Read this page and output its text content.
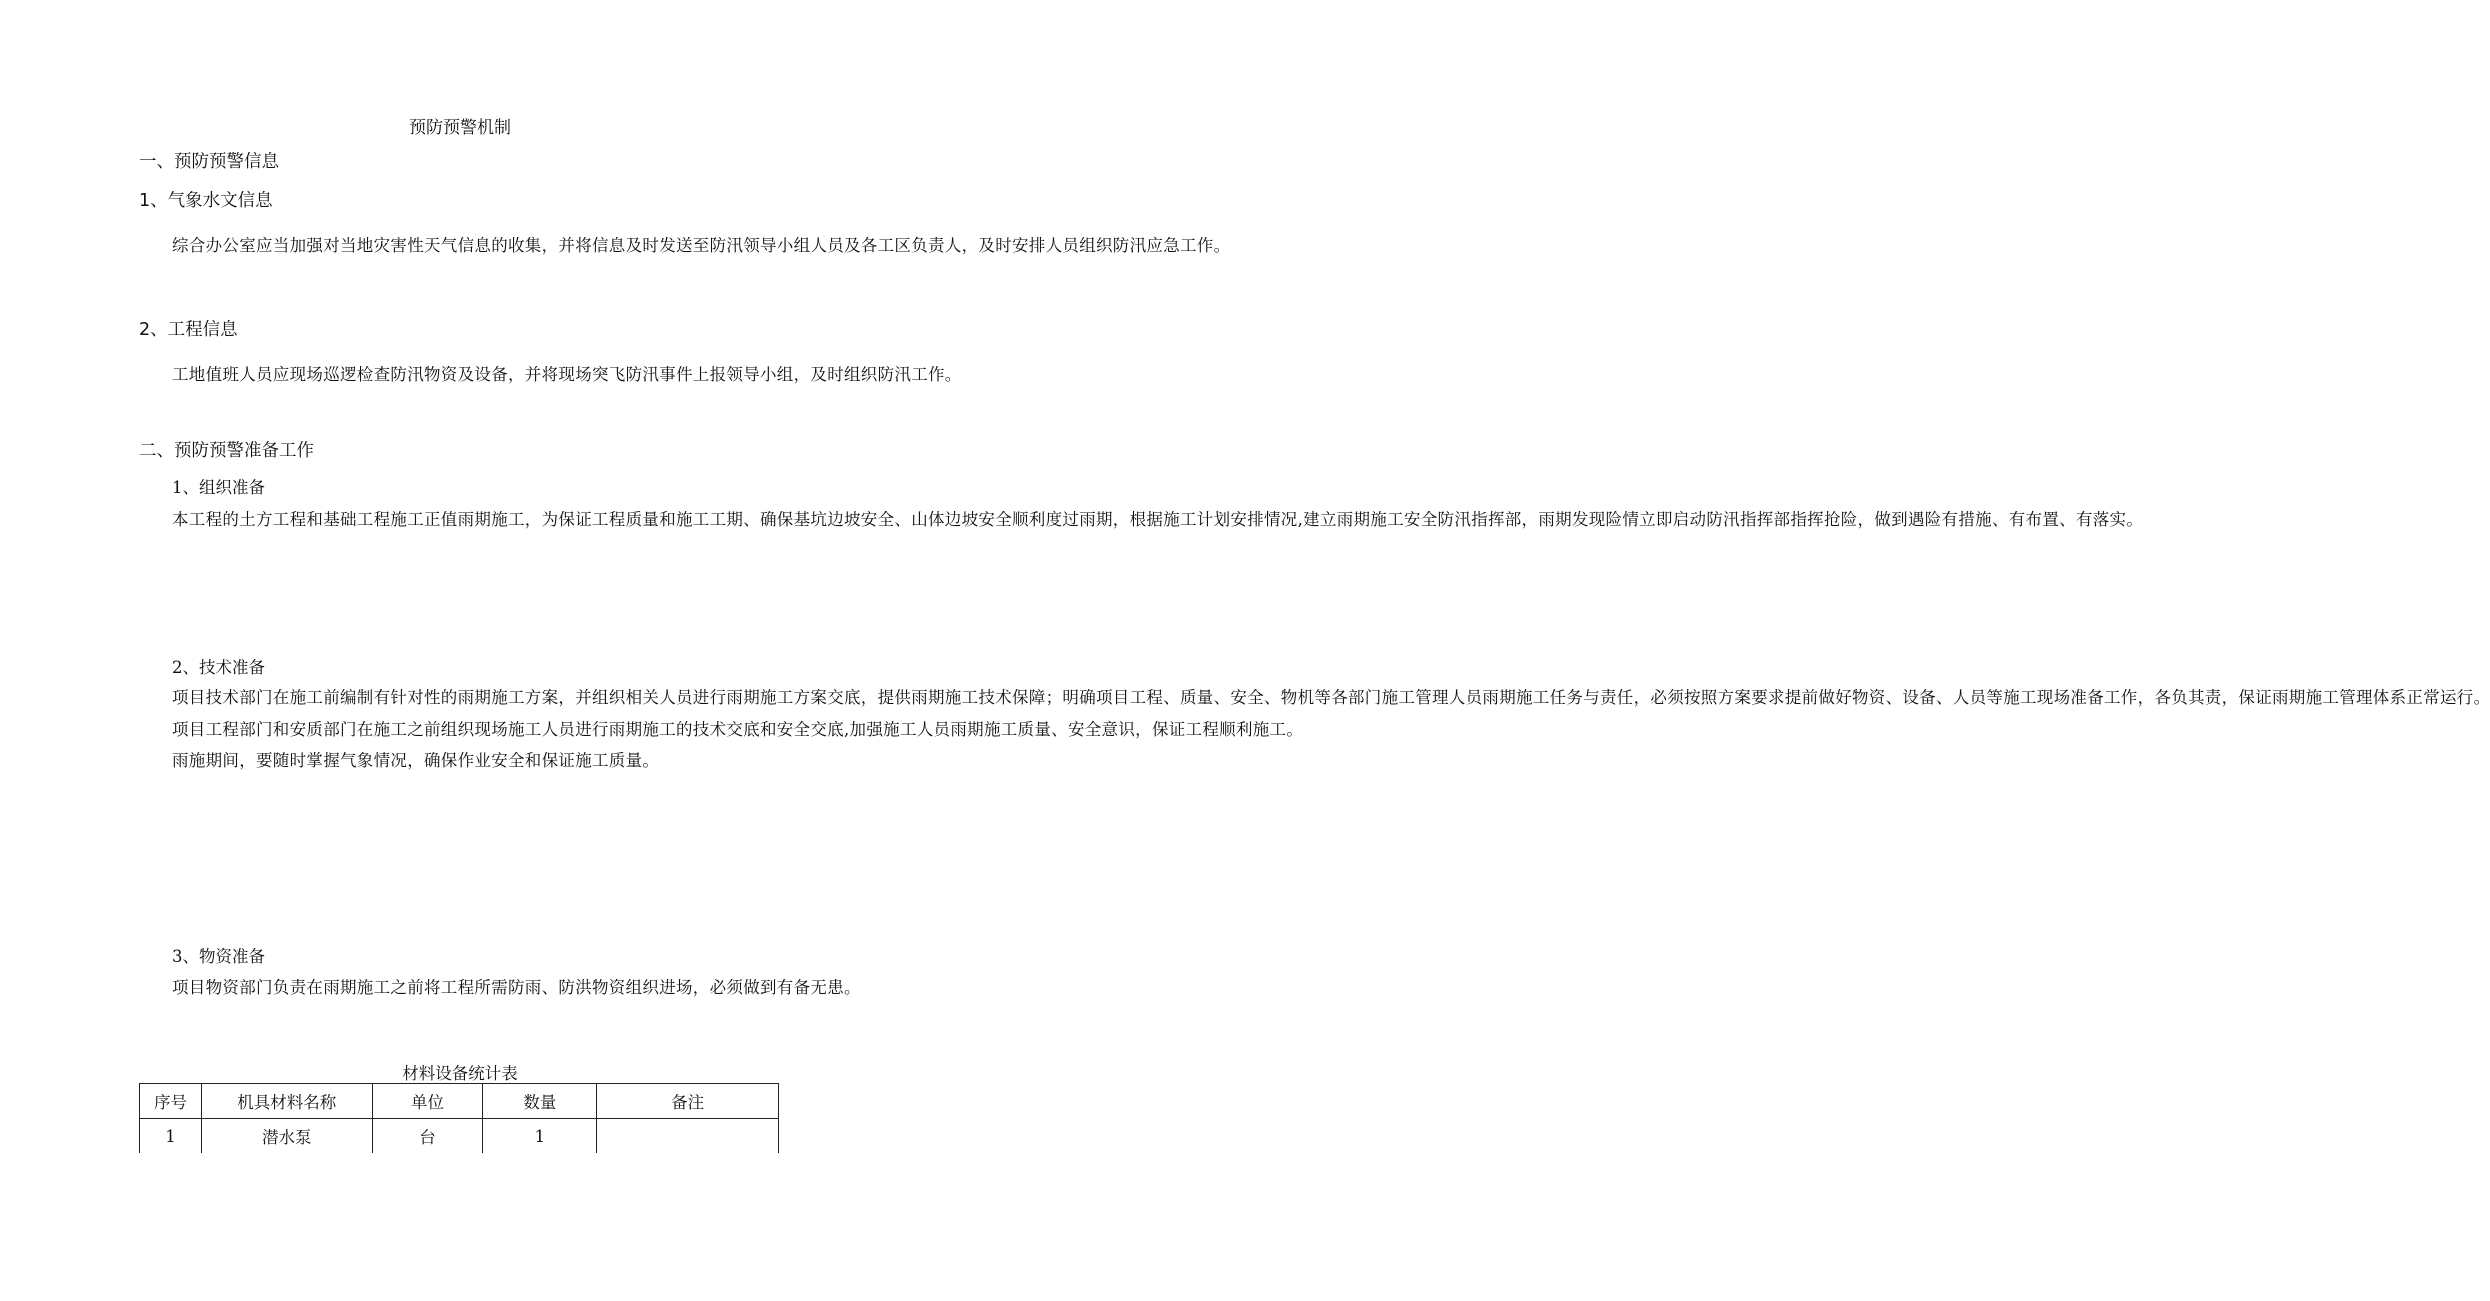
预防预警机制
一、预防预警信息
1、气象水文信息

综合办公室应当加强对当地灾害性天气信息的收集，并将信息及时发送至防汛领导小组人员及各工区负责人，及时安排人员组织防汛应急工作。

2、工程信息

工地值班人员应现场巡逻检查防汛物资及设备，并将现场突飞防汛事件上报领导小组，及时组织防汛工作。

二、预防预警准备工作
1、组织准备

本工程的土方工程和基础工程施工正值雨期施工，为保证工程质量和施工工期、确保基坑边坡安全、山体边坡安全顺利度过雨期，根据施工计划安排情况,建立雨期施工安全防汛指挥部，雨期发现险情立即启动防汛指挥部指挥抢险，做到遇险有措施、有布置、有落实。

2、技术准备

项目技术部门在施工前编制有针对性的雨期施工方案，并组织相关人员进行雨期施工方案交底，提供雨期施工技术保障；明确项目工程、质量、安全、物机等各部门施工管理人员雨期施工任务与责任，必须按照方案要求提前做好物资、设备、人员等施工现场准备工作，各负其责，保证雨期施工管理体系正常运行。

项目工程部门和安质部门在施工之前组织现场施工人员进行雨期施工的技术交底和安全交底,加强施工人员雨期施工质量、安全意识，保证工程顺利施工。

雨施期间，要随时掌握气象情况，确保作业安全和保证施工质量。

3、物资准备

项目物资部门负责在雨期施工之前将工程所需防雨、防洪物资组织进场，必须做到有备无患。

材料设备统计表
序号	机具材料名称	单位	数量	备注
1	潜水泵	台	1	
